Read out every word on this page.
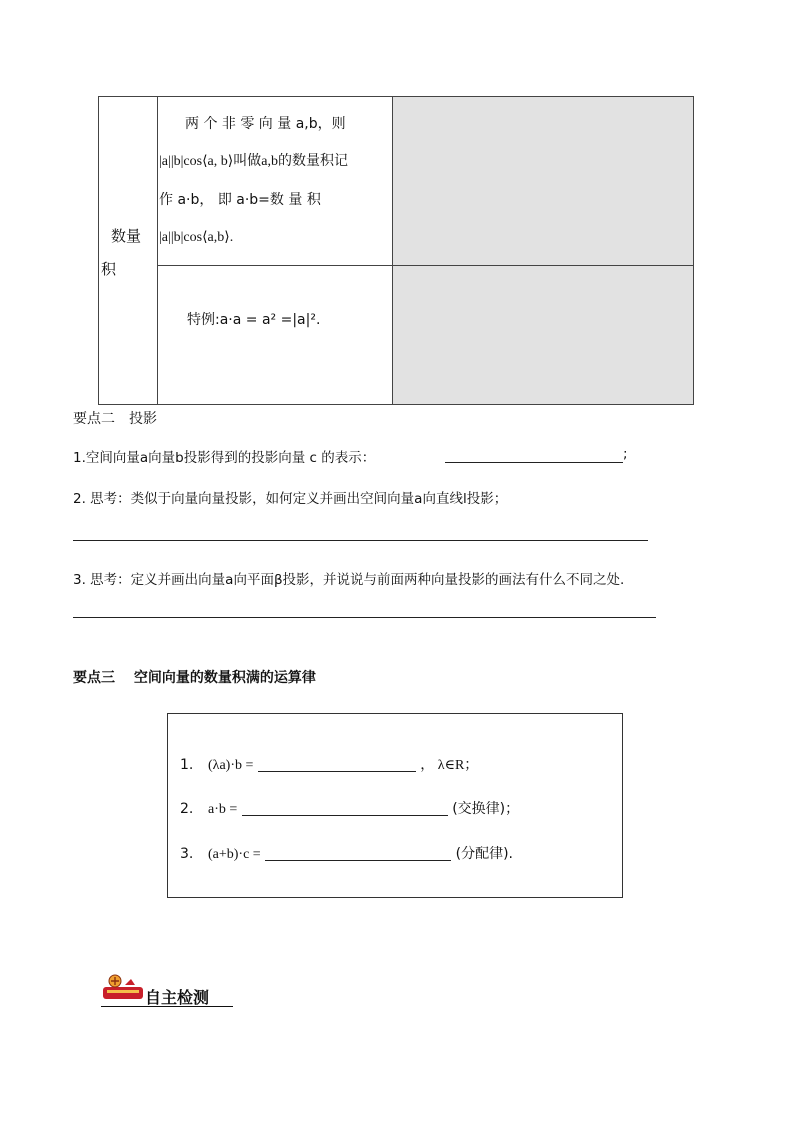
数量
积
两 个 非 零 向 量 a,b，则
|a||b|cos⟨a, b⟩叫做a,b的数量积记
作 a·b， 即 a·b=数 量 积
|a||b|cos⟨a,b⟩.
特例:a·a = a² =|a|².
要点二　投影
1.空间向量a向量b投影得到的投影向量 c 的表示：	;
2. 思考：类似于向量向量投影，如何定义并画出空间向量a向直线l投影；
3. 思考：定义并画出向量a向平面β投影，并说说与前面两种向量投影的画法有什么不同之处.
要点三　 空间向量的数量积满的运算律
1. (λa)·b =	， λ∈R；
2. a·b =	(交换律)；
3. (a+b)·c =	(分配律).
自主检测
